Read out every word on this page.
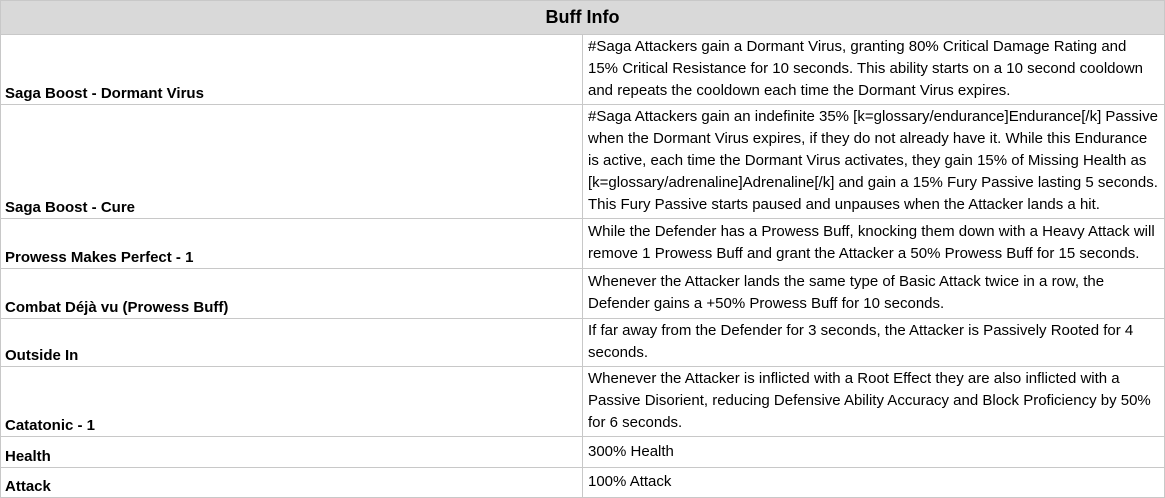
Buff Info	
Saga Boost - Dormant Virus	#Saga Attackers gain a Dormant Virus, granting 80% Critical Damage Rating and 15% Critical Resistance for 10 seconds. This ability starts on a 10 second cooldown and repeats the cooldown each time the Dormant Virus expires.
Saga Boost - Cure	#Saga Attackers gain an indefinite 35% [k=glossary/endurance]Endurance[/k] Passive when the Dormant Virus expires, if they do not already have it. While this Endurance is active, each time the Dormant Virus activates, they gain 15% of Missing Health as [k=glossary/adrenaline]Adrenaline[/k] and gain a 15% Fury Passive lasting 5 seconds. This Fury Passive starts paused and unpauses when the Attacker lands a hit.
Prowess Makes Perfect - 1	While the Defender has a Prowess Buff, knocking them down with a Heavy Attack will remove 1 Prowess Buff and grant the Attacker a 50% Prowess Buff for 15 seconds.
Combat Déjà vu (Prowess Buff)	Whenever the Attacker lands the same type of Basic Attack twice in a row, the Defender gains a +50% Prowess Buff for 10 seconds.
Outside In	If far away from the Defender for 3 seconds, the Attacker is Passively Rooted for 4 seconds.
Catatonic - 1	Whenever the Attacker is inflicted with a Root Effect they are also inflicted with a Passive Disorient, reducing Defensive Ability Accuracy and Block Proficiency by 50% for 6 seconds.
Health	300% Health
Attack	100% Attack
